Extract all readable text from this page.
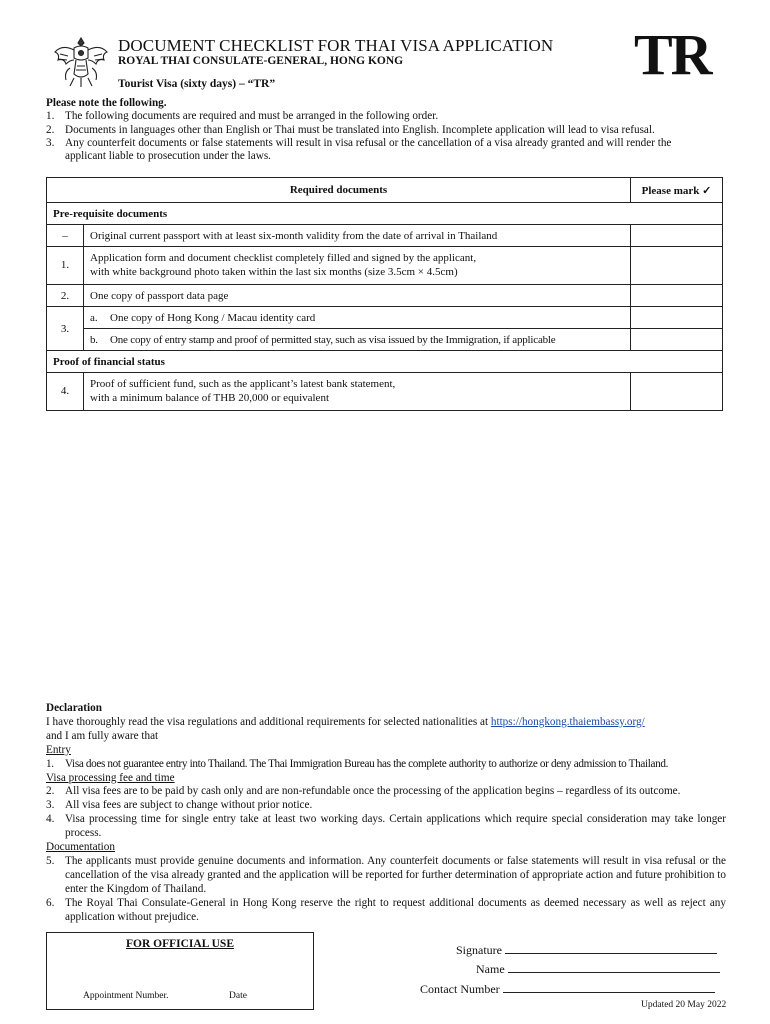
DOCUMENT CHECKLIST FOR THAI VISA APPLICATION
ROYAL THAI CONSULATE-GENERAL, HONG KONG
Tourist Visa (sixty days) – “TR”	TR
Please note the following.
1. The following documents are required and must be arranged in the following order.
2. Documents in languages other than English or Thai must be translated into English. Incomplete application will lead to visa refusal.
3. Any counterfeit documents or false statements will result in visa refusal or the cancellation of a visa already granted and will render the applicant liable to prosecution under the laws.
Required documents		Please mark ✓
Pre-requisite documents		
–	Original current passport with at least six-month validity from the date of arrival in Thailand	
1.	Application form and document checklist completely filled and signed by the applicant,
with white background photo taken within the last six months (size 3.5cm × 4.5cm)	

2.	One copy of passport data page	
3.	a. One copy of Hong Kong / Macau identity card	

	b. One copy of entry stamp and proof of permitted stay, such as visa issued by the Immigration, if applicable	

Proof of financial status		
4.	Proof of sufficient fund, such as the applicant’s latest bank statement,
with a minimum balance of THB 20,000 or equivalent	

Declaration
I have thoroughly read the visa regulations and additional requirements for selected nationalities at https://hongkong.thaiembassy.org/
and I am fully aware that
Entry
1.	Visa does not guarantee entry into Thailand. The Thai Immigration Bureau has the complete authority to authorize or deny admission to Thailand.
Visa processing fee and time
2. All visa fees are to be paid by cash only and are non-refundable once the processing of the application begins – regardless of its outcome.
3. All visa fees are subject to change without prior notice.
4. Visa processing time for single entry take at least two working days. Certain applications which require special consideration may take longer process.
Documentation
5. The applicants must provide genuine documents and information. Any counterfeit documents or false statements will result in visa refusal or the cancellation of the visa already granted and the application will be reported for further determination of appropriate action and future prohibition to enter the Kingdom of Thailand.
6. The Royal Thai Consulate-General in Hong Kong reserve the right to request additional documents as deemed necessary as well as reject any application without prejudice.
FOR OFFICIAL USE
Appointment Number.	Date
Signature
Name
Contact Number
Updated 20 May 2022
